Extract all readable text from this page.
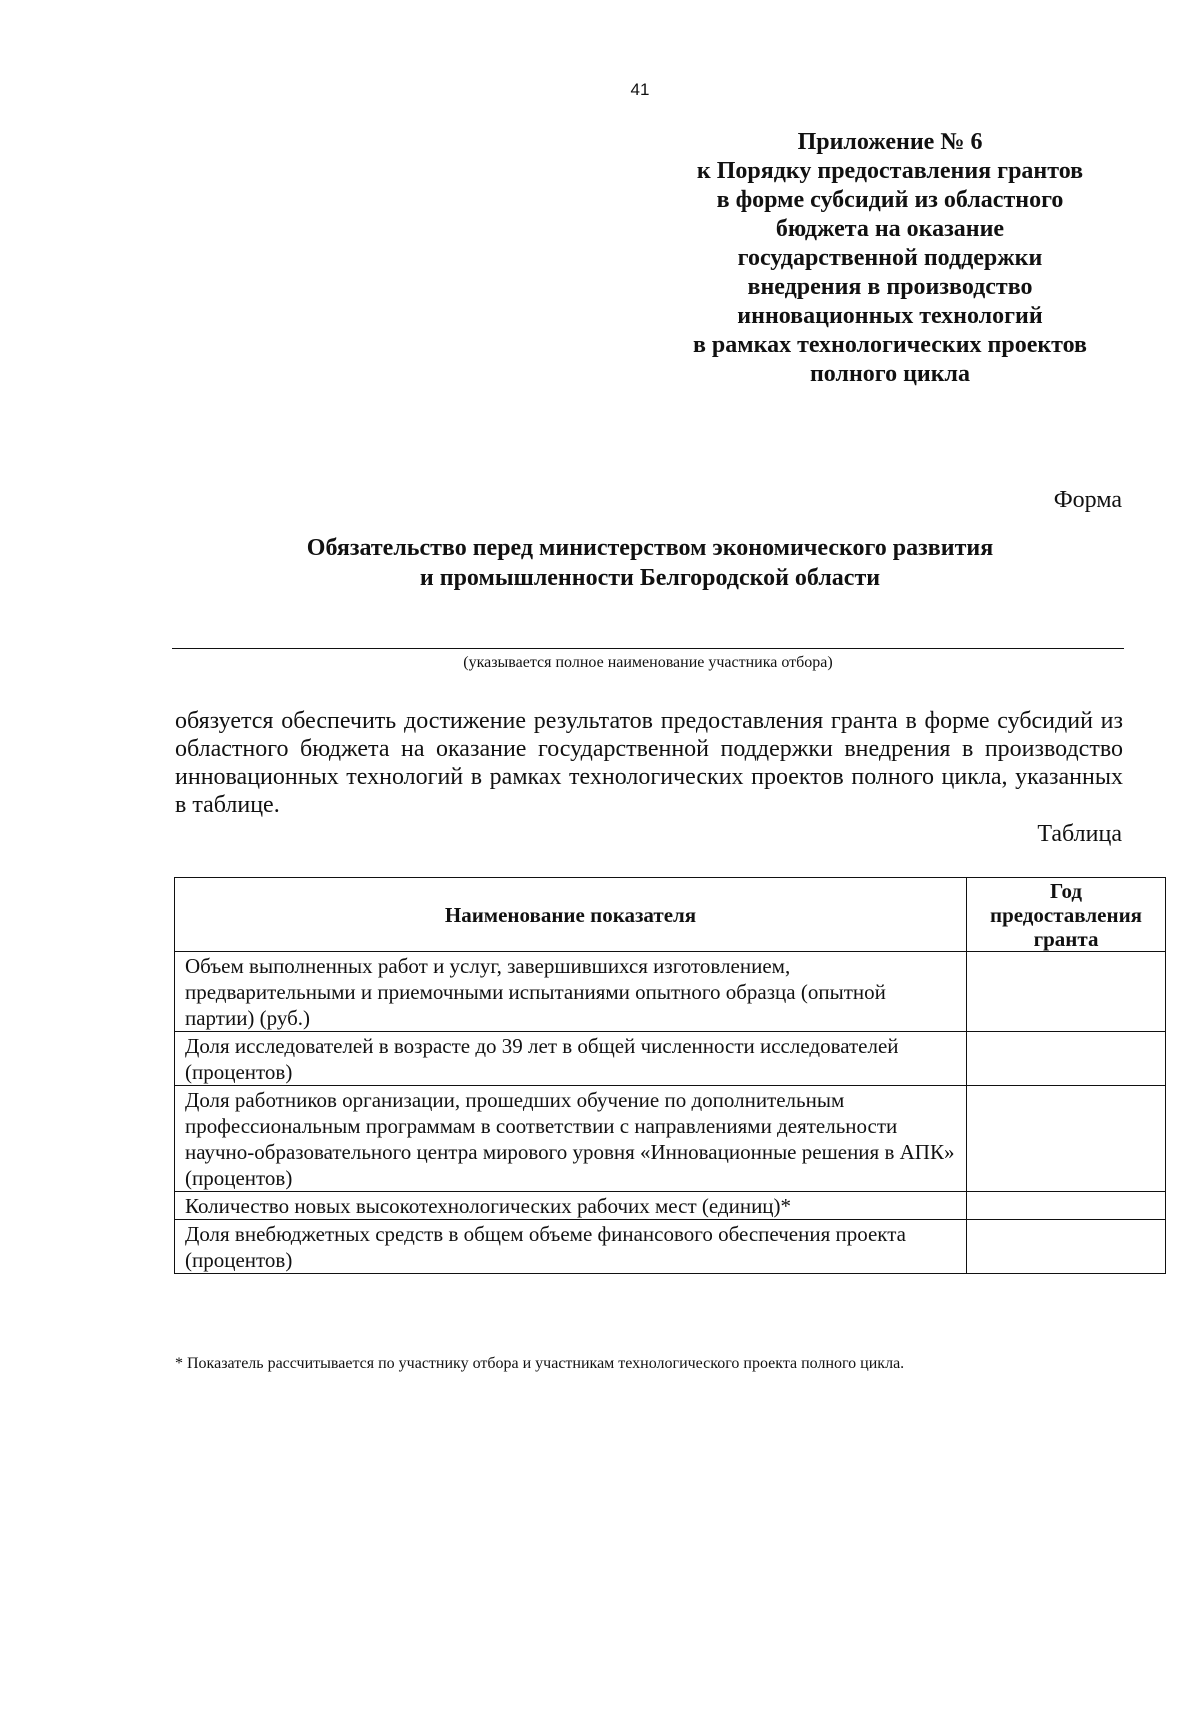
41
Приложение № 6
к Порядку предоставления грантов
в форме субсидий из областного
бюджета на оказание
государственной поддержки
внедрения в производство
инновационных технологий
в рамках технологических проектов
полного цикла
Форма
Обязательство перед министерством экономического развития
и промышленности Белгородской области
(указывается полное наименование участника отбора)
обязуется обеспечить достижение результатов предоставления гранта в форме субсидий из областного бюджета на оказание государственной поддержки внедрения в производство инновационных технологий в рамках технологических проектов полного цикла, указанных в таблице.
Таблица
Наименование показателя	Год предоставления гранта
Объем выполненных работ и услуг, завершившихся изготовлением, предварительными и приемочными испытаниями опытного образца (опытной партии) (руб.)	
Доля исследователей в возрасте до 39 лет в общей численности исследователей (процентов)	
Доля работников организации, прошедших обучение по дополнительным профессиональным программам в соответствии с направлениями деятельности научно-образовательного центра мирового уровня «Инновационные решения в АПК» (процентов)	
Количество новых высокотехнологических рабочих мест (единиц)*	
Доля внебюджетных средств в общем объеме финансового обеспечения проекта (процентов)	
* Показатель рассчитывается по участнику отбора и участникам технологического проекта полного цикла.
